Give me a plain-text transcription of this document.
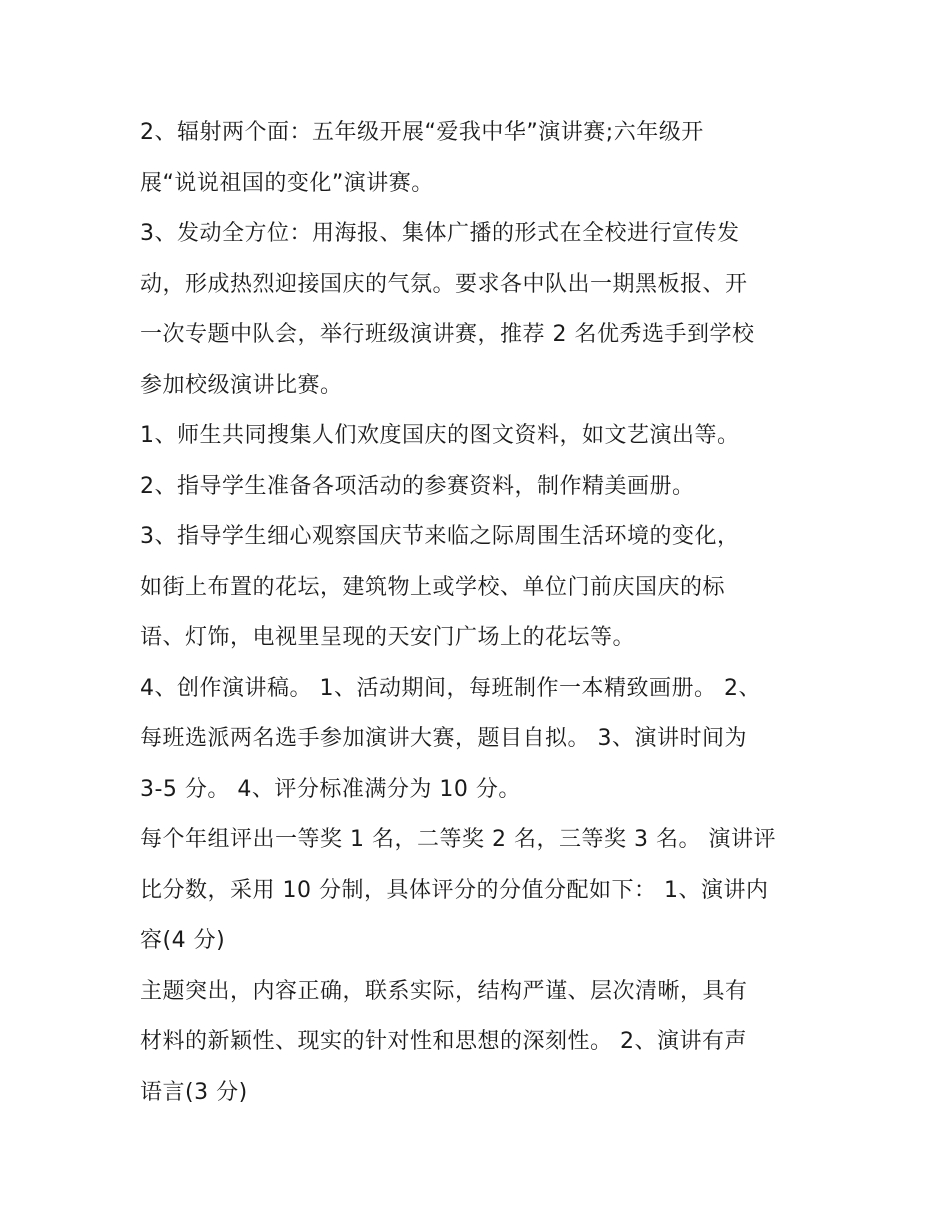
2、辐射两个面：五年级开展“爱我中华”演讲赛;六年级开
展“说说祖国的变化”演讲赛。
3、发动全方位：用海报、集体广播的形式在全校进行宣传发
动，形成热烈迎接国庆的气氛。要求各中队出一期黑板报、开
一次专题中队会，举行班级演讲赛，推荐 2 名优秀选手到学校
参加校级演讲比赛。
1、师生共同搜集人们欢度国庆的图文资料，如文艺演出等。
2、指导学生准备各项活动的参赛资料，制作精美画册。
3、指导学生细心观察国庆节来临之际周围生活环境的变化，
如街上布置的花坛，建筑物上或学校、单位门前庆国庆的标
语、灯饰，电视里呈现的天安门广场上的花坛等。
4、创作演讲稿。 1、活动期间，每班制作一本精致画册。 2、
每班选派两名选手参加演讲大赛，题目自拟。 3、演讲时间为
3-5 分。 4、评分标准满分为 10 分。
每个年组评出一等奖 1 名，二等奖 2 名，三等奖 3 名。 演讲评
比分数，采用 10 分制，具体评分的分值分配如下： 1、演讲内
容(4 分)
主题突出，内容正确，联系实际，结构严谨、层次清晰，具有
材料的新颖性、现实的针对性和思想的深刻性。 2、演讲有声
语言(3 分)
